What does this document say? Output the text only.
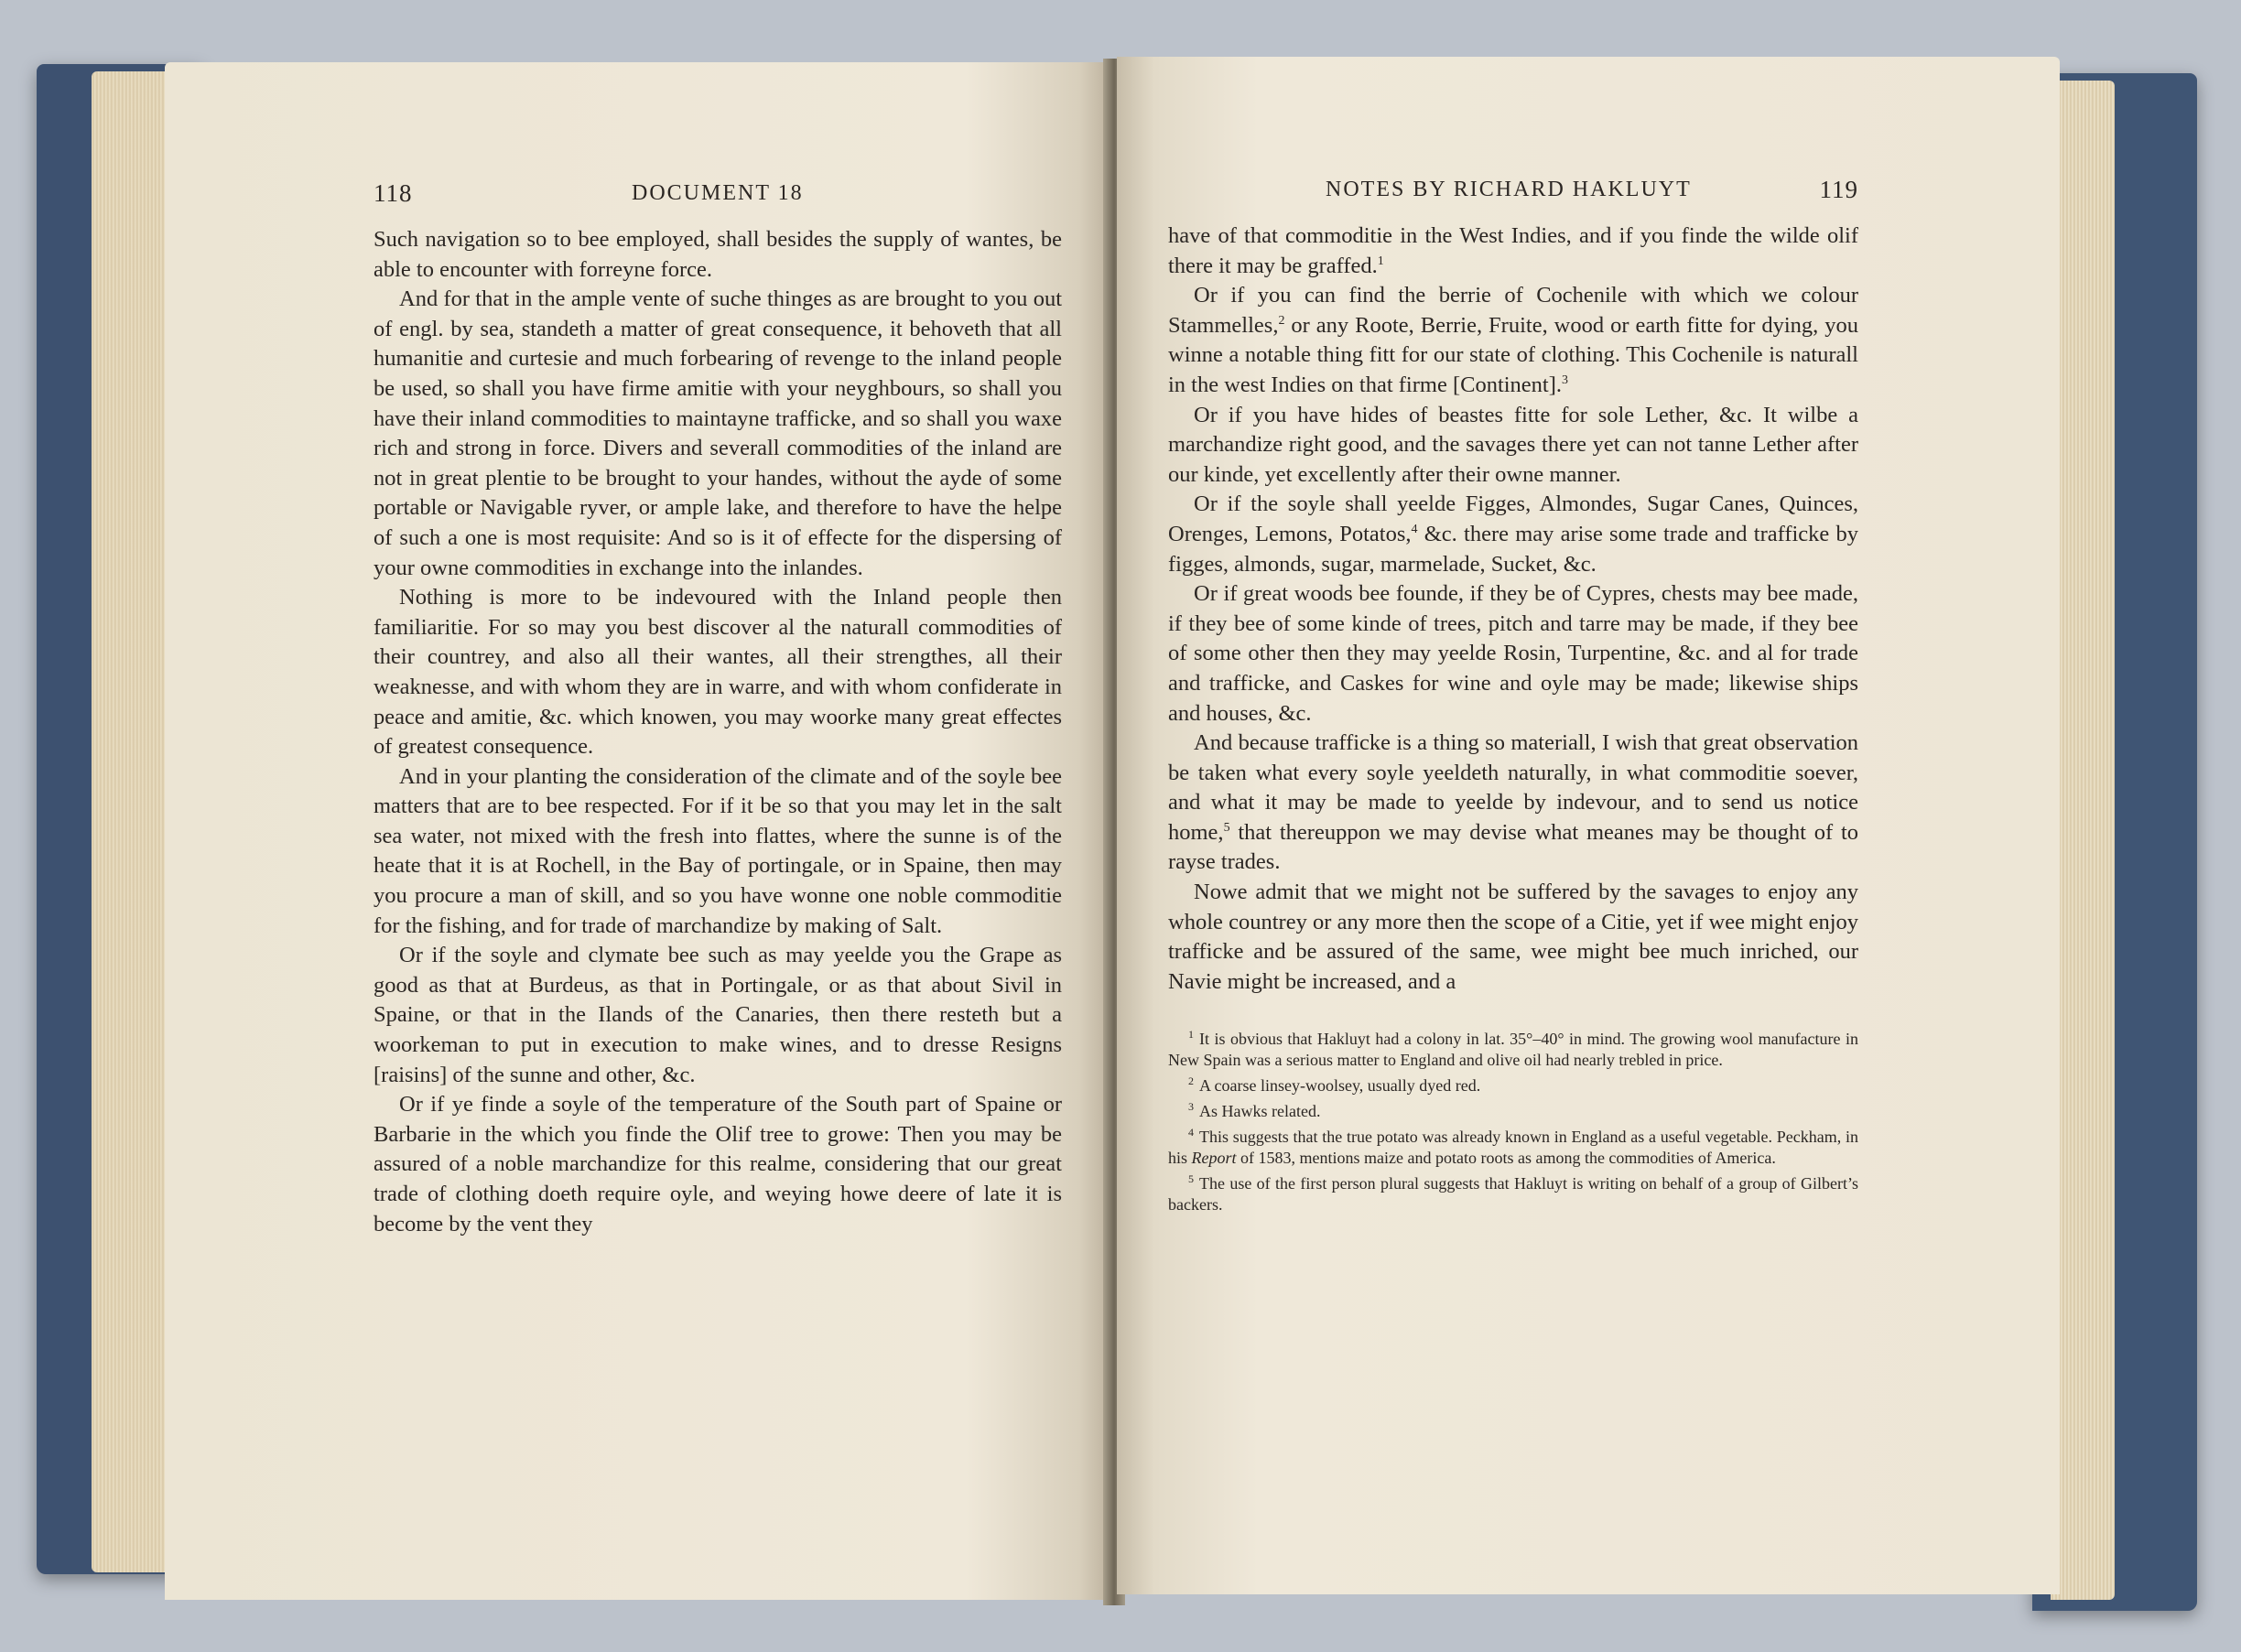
118	DOCUMENT 18

Such navigation so to bee employed, shall besides the supply of wantes, be able to encounter with forreyne force.

And for that in the ample vente of suche thinges as are brought to you out of engl. by sea, standeth a matter of great consequence, it behoveth that all humanitie and curtesie and much forbearing of revenge to the inland people be used, so shall you have firme amitie with your neyghbours, so shall you have their inland commodities to maintayne trafficke, and so shall you waxe rich and strong in force. Divers and severall commodities of the inland are not in great plentie to be brought to your handes, without the ayde of some portable or Navigable ryver, or ample lake, and therefore to have the helpe of such a one is most requisite: And so is it of effecte for the dispersing of your owne commodities in exchange into the inlandes.

Nothing is more to be indevoured with the Inland people then familiaritie. For so may you best discover al the naturall commodities of their countrey, and also all their wantes, all their strengthes, all their weaknesse, and with whom they are in warre, and with whom confiderate in peace and amitie, &c. which knowen, you may woorke many great effectes of greatest consequence.

And in your planting the consideration of the climate and of the soyle bee matters that are to bee respected. For if it be so that you may let in the salt sea water, not mixed with the fresh into flattes, where the sunne is of the heate that it is at Rochell, in the Bay of portingale, or in Spaine, then may you procure a man of skill, and so you have wonne one noble commoditie for the fishing, and for trade of marchandize by making of Salt.

Or if the soyle and clymate bee such as may yeelde you the Grape as good as that at Burdeus, as that in Portingale, or as that about Sivil in Spaine, or that in the Ilands of the Canaries, then there resteth but a woorkeman to put in execution to make wines, and to dresse Resigns [raisins] of the sunne and other, &c.

Or if ye finde a soyle of the temperature of the South part of Spaine or Barbarie in the which you finde the Olif tree to growe: Then you may be assured of a noble marchandize for this realme, considering that our great trade of clothing doeth require oyle, and weying howe deere of late it is become by the vent they

NOTES BY RICHARD HAKLUYT	119

have of that commoditie in the West Indies, and if you finde the wilde olif there it may be graffed.$^1$

Or if you can find the berrie of Cochenile with which we colour Stammelles,$^2$ or any Roote, Berrie, Fruite, wood or earth fitte for dying, you winne a notable thing fitt for our state of clothing. This Cochenile is naturall in the west Indies on that firme [Continent].$^3$

Or if you have hides of beastes fitte for sole Lether, &c. It wilbe a marchandize right good, and the savages there yet can not tanne Lether after our kinde, yet excellently after their owne manner.

Or if the soyle shall yeelde Figges, Almondes, Sugar Canes, Quinces, Orenges, Lemons, Potatos,$^4$ &c. there may arise some trade and trafficke by figges, almonds, sugar, marmelade, Sucket, &c.

Or if great woods bee founde, if they be of Cypres, chests may bee made, if they bee of some kinde of trees, pitch and tarre may be made, if they bee of some other then they may yeelde Rosin, Turpentine, &c. and al for trade and trafficke, and Caskes for wine and oyle may be made; likewise ships and houses, &c.

And because trafficke is a thing so materiall, I wish that great observation be taken what every soyle yeeldeth naturally, in what commoditie soever, and what it may be made to yeelde by indevour, and to send us notice home,$^5$ that thereuppon we may devise what meanes may be thought of to rayse trades.

Nowe admit that we might not be suffered by the savages to enjoy any whole countrey or any more then the scope of a Citie, yet if wee might enjoy trafficke and be assured of the same, wee might bee much inriched, our Navie might be increased, and a

$^1$ It is obvious that Hakluyt had a colony in lat. 35°–40° in mind. The growing wool manufacture in New Spain was a serious matter to England and olive oil had nearly trebled in price.

$^2$ A coarse linsey-woolsey, usually dyed red.

$^3$ As Hawks related.

$^4$ This suggests that the true potato was already known in England as a useful vegetable. Peckham, in his Report of 1583, mentions maize and potato roots as among the commodities of America.

$^5$ The use of the first person plural suggests that Hakluyt is writing on behalf of a group of Gilbert’s backers.
